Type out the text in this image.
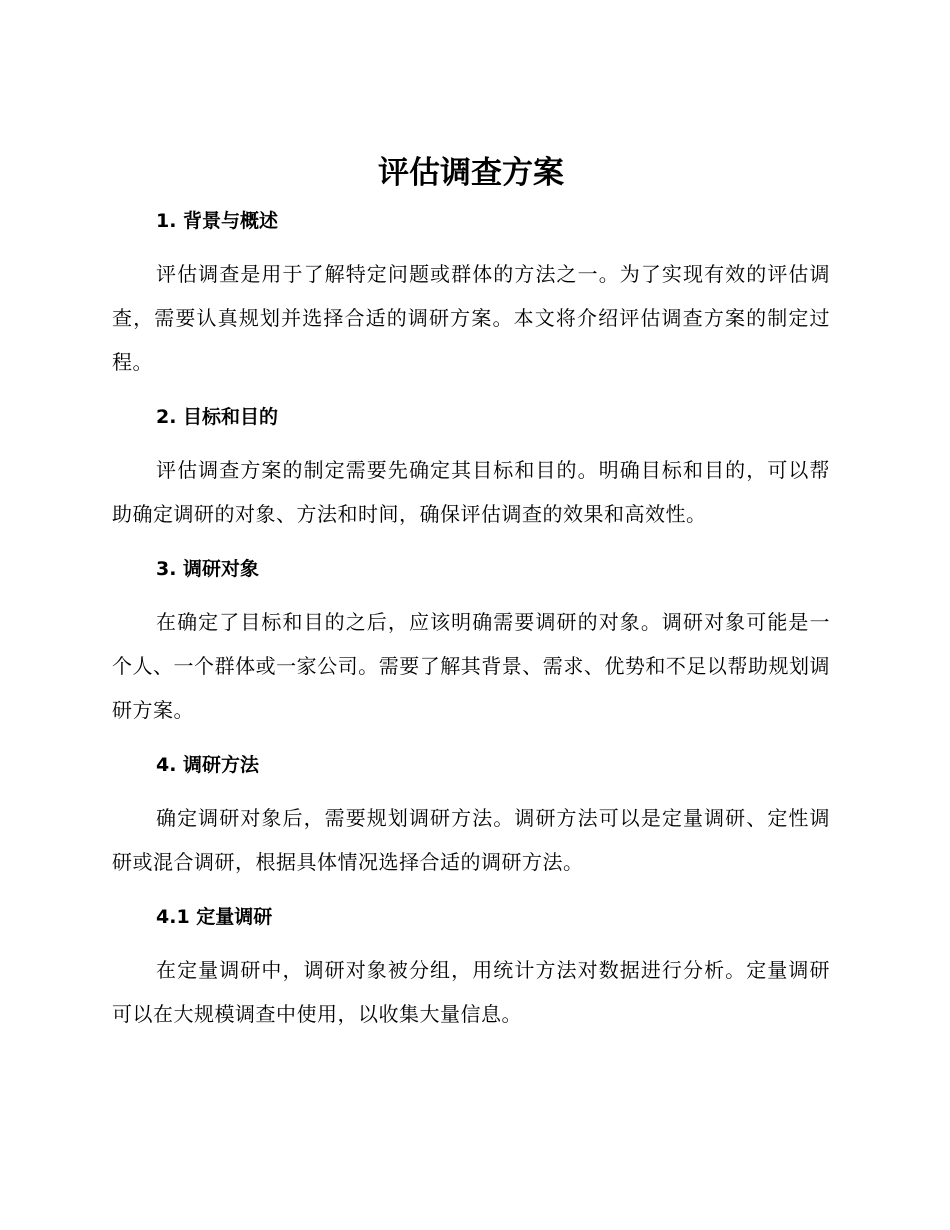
评估调查方案
1. 背景与概述

评估调查是用于了解特定问题或群体的方法之一。为了实现有效的评估调查，需要认真规划并选择合适的调研方案。本文将介绍评估调查方案的制定过程。

2. 目标和目的

评估调查方案的制定需要先确定其目标和目的。明确目标和目的，可以帮助确定调研的对象、方法和时间，确保评估调查的效果和高效性。

3. 调研对象

在确定了目标和目的之后，应该明确需要调研的对象。调研对象可能是一个人、一个群体或一家公司。需要了解其背景、需求、优势和不足以帮助规划调研方案。

4. 调研方法

确定调研对象后，需要规划调研方法。调研方法可以是定量调研、定性调研或混合调研，根据具体情况选择合适的调研方法。

4.1 定量调研

在定量调研中，调研对象被分组，用统计方法对数据进行分析。定量调研可以在大规模调查中使用，以收集大量信息。
